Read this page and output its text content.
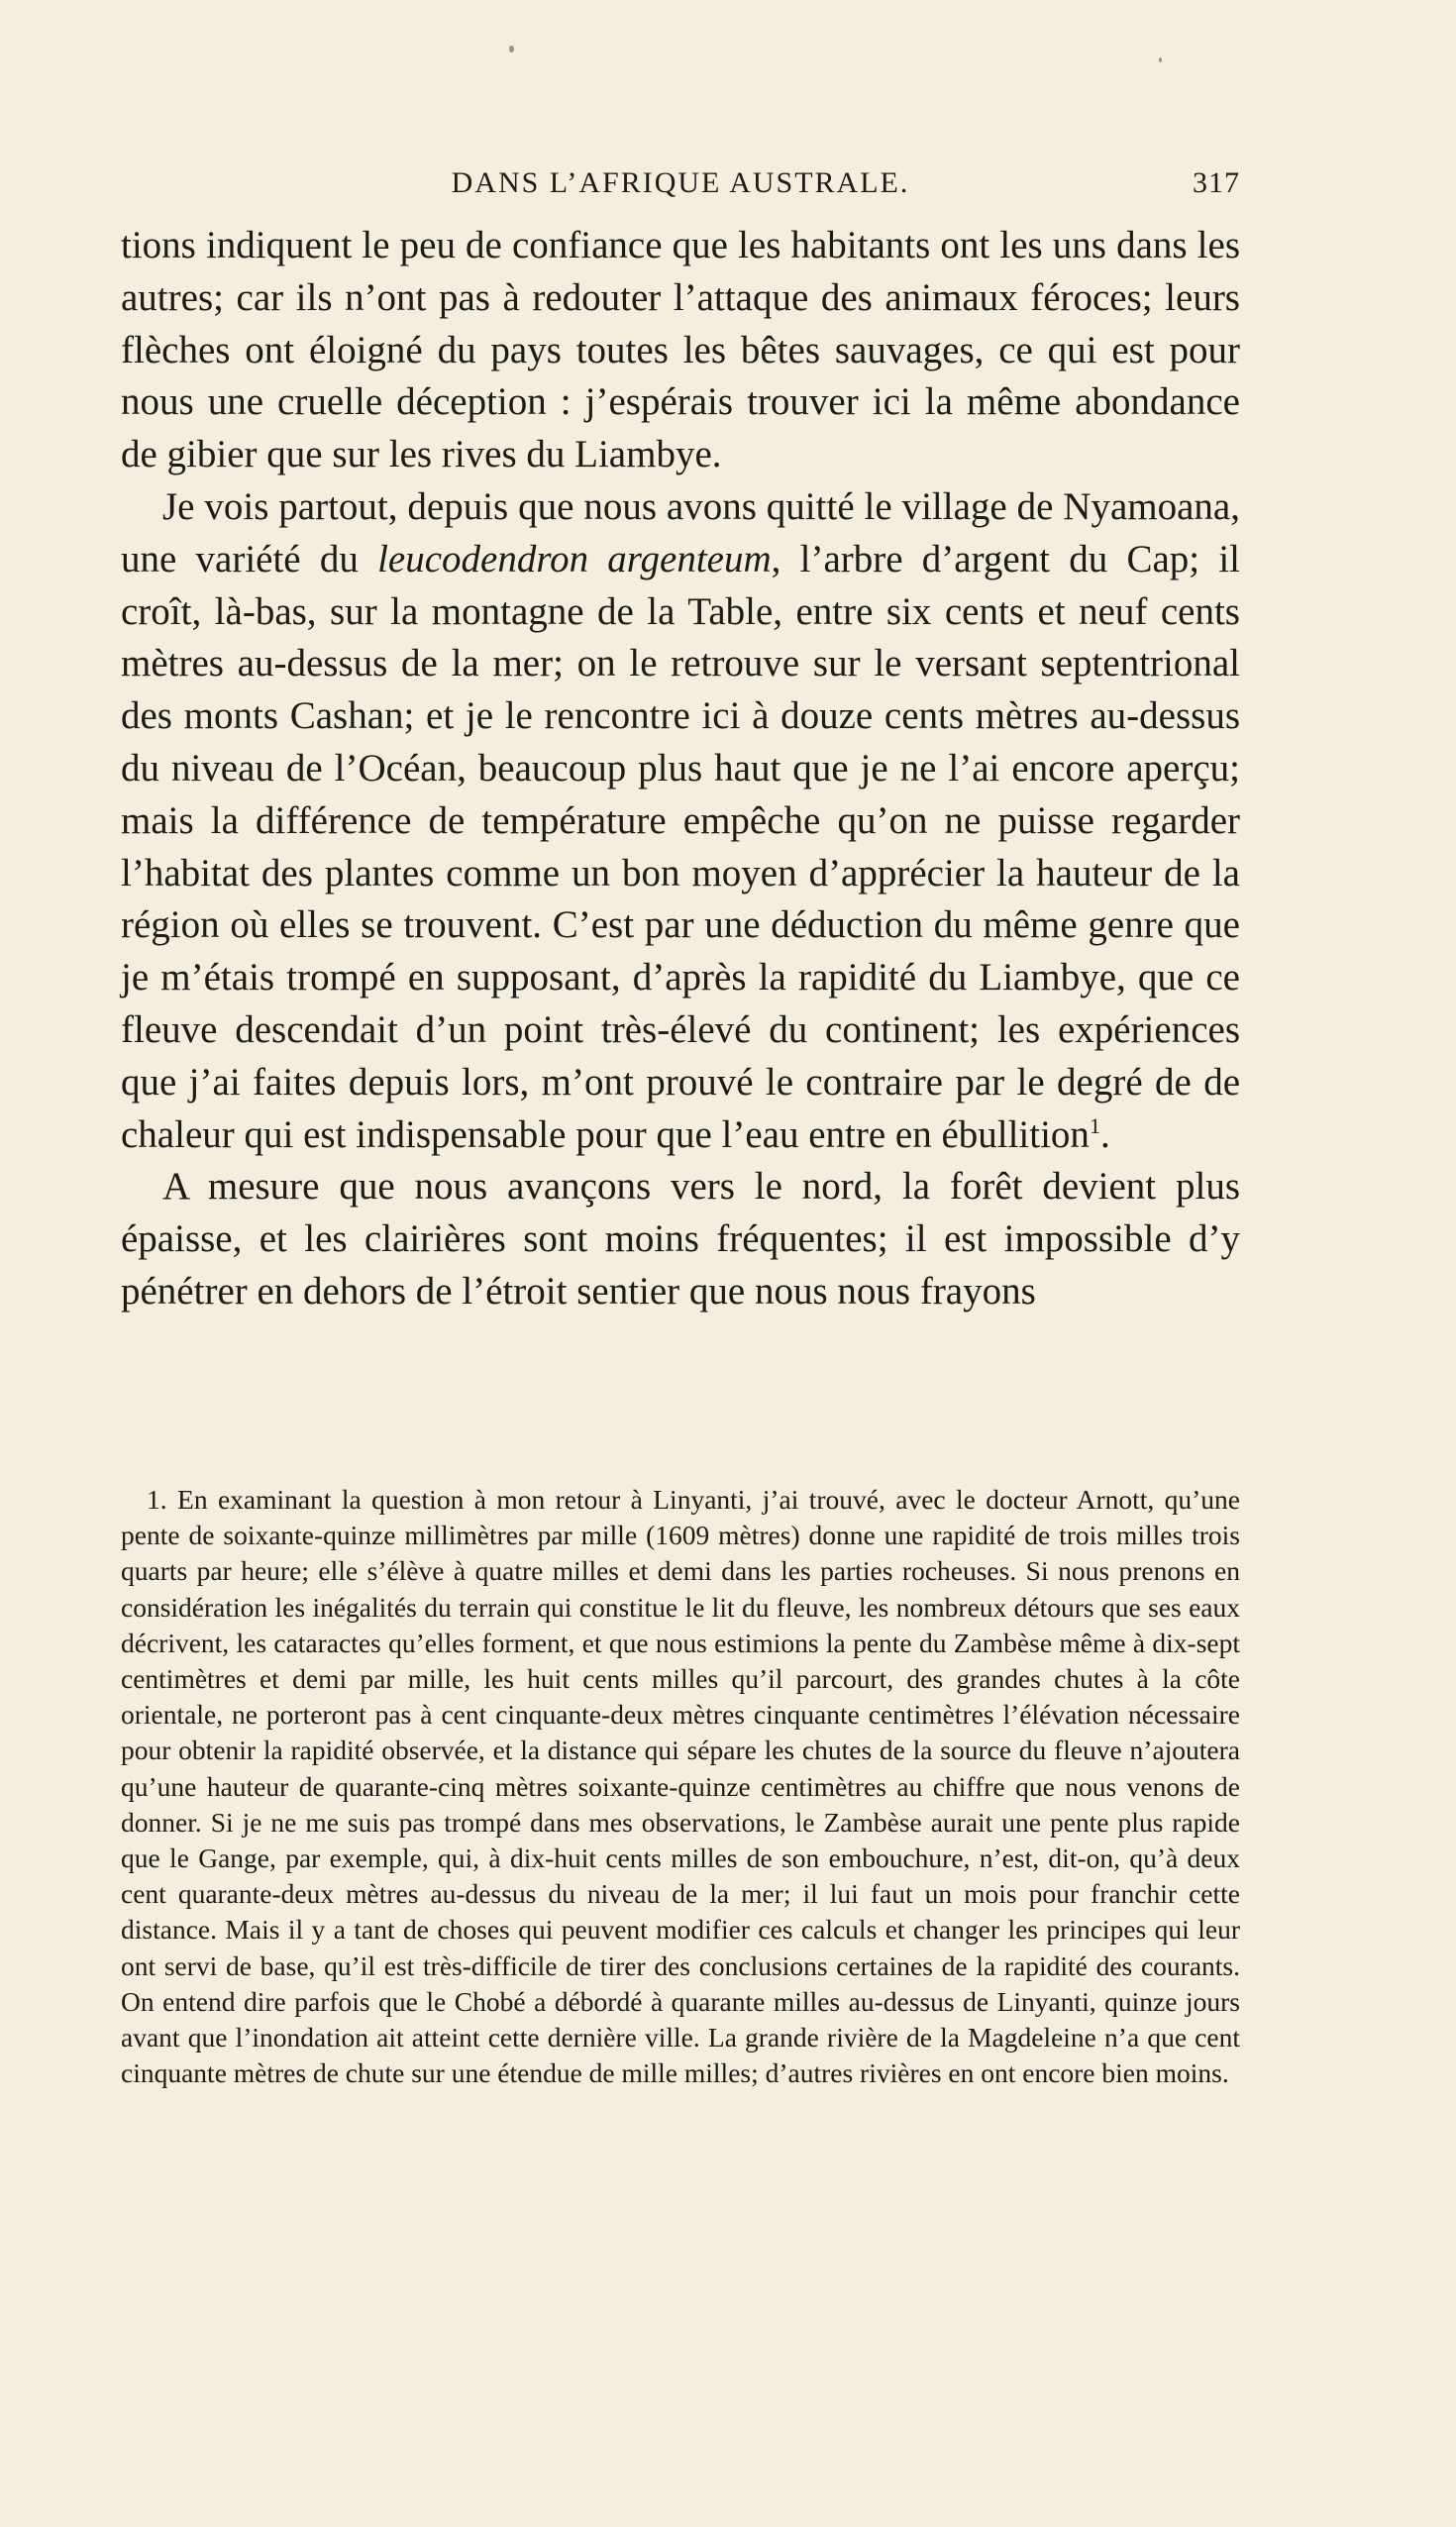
DANS L’AFRIQUE AUSTRALE.	317

tions indiquent le peu de confiance que les habitants ont les uns dans les autres; car ils n’ont pas à redouter l’attaque des animaux féroces; leurs flèches ont éloigné du pays toutes les bêtes sauvages, ce qui est pour nous une cruelle déception : j’espérais trouver ici la même abondance de gibier que sur les rives du Liambye.

Je vois partout, depuis que nous avons quitté le village de Nyamoana, une variété du leucodendron argenteum, l’arbre d’argent du Cap; il croît, là-bas, sur la montagne de la Table, entre six cents et neuf cents mètres au-dessus de la mer; on le retrouve sur le versant septentrional des monts Cashan; et je le rencontre ici à douze cents mètres au-dessus du niveau de l’Océan, beaucoup plus haut que je ne l’ai encore aperçu; mais la différence de température empêche qu’on ne puisse regarder l’habitat des plantes comme un bon moyen d’apprécier la hauteur de la région où elles se trouvent. C’est par une déduction du même genre que je m’étais trompé en supposant, d’après la rapidité du Liambye, que ce fleuve descendait d’un point très-élevé du continent; les expériences que j’ai faites depuis lors, m’ont prouvé le contraire par le degré de de chaleur qui est indispensable pour que l’eau entre en ébullition$^1$.

A mesure que nous avançons vers le nord, la forêt devient plus épaisse, et les clairières sont moins fréquentes; il est impossible d’y pénétrer en dehors de l’étroit sentier que nous nous frayons

1. En examinant la question à mon retour à Linyanti, j’ai trouvé, avec le docteur Arnott, qu’une pente de soixante-quinze millimètres par mille (1609 mètres) donne une rapidité de trois milles trois quarts par heure; elle s’élève à quatre milles et demi dans les parties rocheuses. Si nous prenons en considération les inégalités du terrain qui constitue le lit du fleuve, les nombreux détours que ses eaux décrivent, les cataractes qu’elles forment, et que nous estimions la pente du Zambèse même à dix-sept centimètres et demi par mille, les huit cents milles qu’il parcourt, des grandes chutes à la côte orientale, ne porteront pas à cent cinquante-deux mètres cinquante centimètres l’élévation nécessaire pour obtenir la rapidité observée, et la distance qui sépare les chutes de la source du fleuve n’ajoutera qu’une hauteur de quarante-cinq mètres soixante-quinze centimètres au chiffre que nous venons de donner. Si je ne me suis pas trompé dans mes observations, le Zambèse aurait une pente plus rapide que le Gange, par exemple, qui, à dix-huit cents milles de son embouchure, n’est, dit-on, qu’à deux cent quarante-deux mètres au-dessus du niveau de la mer; il lui faut un mois pour franchir cette distance. Mais il y a tant de choses qui peuvent modifier ces calculs et changer les principes qui leur ont servi de base, qu’il est très-difficile de tirer des conclusions certaines de la rapidité des courants. On entend dire parfois que le Chobé a débordé à quarante milles au-dessus de Linyanti, quinze jours avant que l’inondation ait atteint cette dernière ville. La grande rivière de la Magdeleine n’a que cent cinquante mètres de chute sur une étendue de mille milles; d’autres rivières en ont encore bien moins.
